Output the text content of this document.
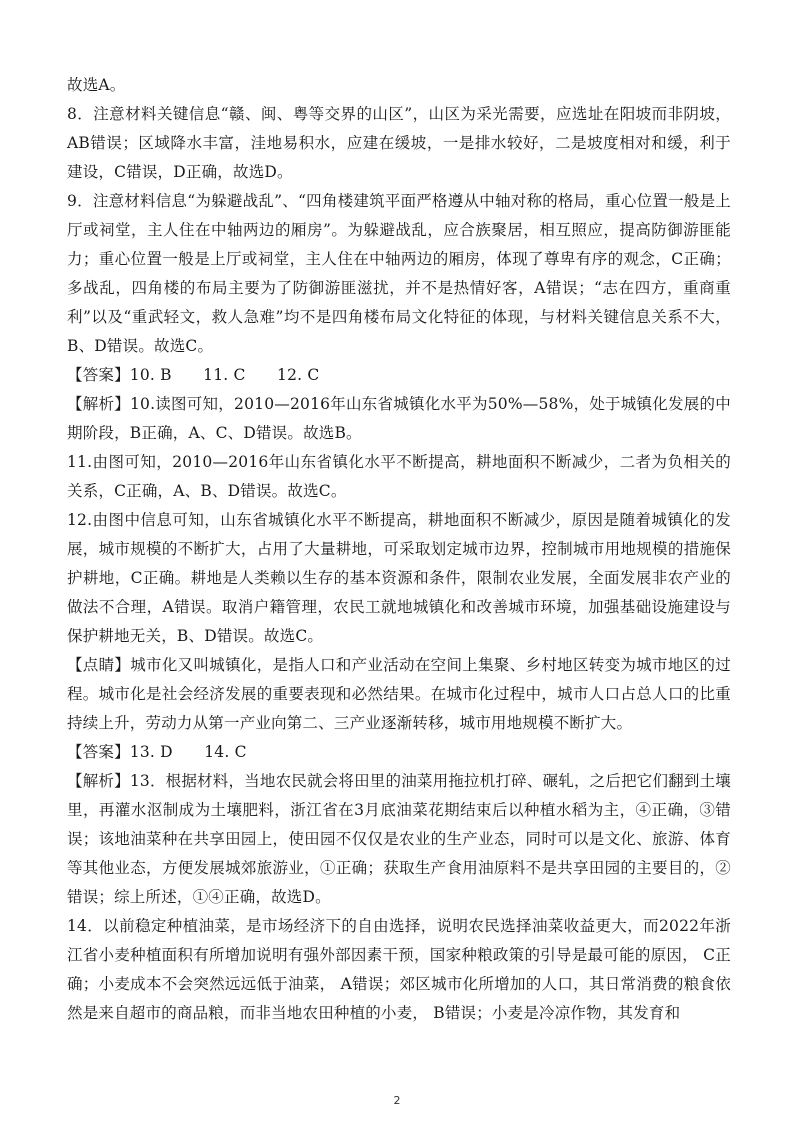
故选A。

8．注意材料关键信息“赣、闽、粤等交界的山区”，山区为采光需要，应选址在阳坡而非阴坡，AB错误；区域降水丰富，洼地易积水，应建在缓坡，一是排水较好，二是坡度相对和缓，利于建设，C错误，D正确，故选D。

9．注意材料信息“为躲避战乱”、“四角楼建筑平面严格遵从中轴对称的格局，重心位置一般是上厅或祠堂，主人住在中轴两边的厢房”。为躲避战乱，应合族聚居，相互照应，提高防御游匪能力；重心位置一般是上厅或祠堂，主人住在中轴两边的厢房，体现了尊卑有序的观念，C正确；多战乱，四角楼的布局主要为了防御游匪滋扰，并不是热情好客，A错误；“志在四方，重商重利”以及“重武轻文，救人急难”均不是四角楼布局文化特征的体现，与材料关键信息关系不大，B、D错误。故选C。

【答案】10. B　　11. C　　12. C

【解析】10.读图可知，2010—2016年山东省城镇化水平为50%—58%，处于城镇化发展的中期阶段，B正确，A、C、D错误。故选B。

11.由图可知，2010—2016年山东省镇化水平不断提高，耕地面积不断减少，二者为负相关的关系，C正确，A、B、D错误。故选C。

12.由图中信息可知，山东省城镇化水平不断提高，耕地面积不断减少，原因是随着城镇化的发展，城市规模的不断扩大，占用了大量耕地，可采取划定城市边界，控制城市用地规模的措施保护耕地，C正确。耕地是人类赖以生存的基本资源和条件，限制农业发展，全面发展非农产业的做法不合理，A错误。取消户籍管理，农民工就地城镇化和改善城市环境，加强基础设施建设与保护耕地无关，B、D错误。故选C。

【点睛】城市化又叫城镇化，是指人口和产业活动在空间上集聚、乡村地区转变为城市地区的过程。城市化是社会经济发展的重要表现和必然结果。在城市化过程中，城市人口占总人口的比重持续上升，劳动力从第一产业向第二、三产业逐渐转移，城市用地规模不断扩大。

【答案】13. D　　14. C

【解析】13．根据材料，当地农民就会将田里的油菜用拖拉机打碎、碾轧，之后把它们翻到土壤里，再灌水沤制成为土壤肥料，浙江省在3月底油菜花期结束后以种植水稻为主，④正确，③错误；该地油菜种在共享田园上，使田园不仅仅是农业的生产业态，同时可以是文化、旅游、体育等其他业态，方便发展城郊旅游业，①正确；获取生产食用油原料不是共享田园的主要目的，②错误；综上所述，①④正确，故选D。

14．以前稳定种植油菜，是市场经济下的自由选择，说明农民选择油菜收益更大，而2022年浙江省小麦种植面积有所增加说明有强外部因素干预，国家种粮政策的引导是最可能的原因， C正确；小麦成本不会突然远远低于油菜， A错误；郊区城市化所增加的人口，其日常消费的粮食依然是来自超市的商品粮，而非当地农田种植的小麦， B错误；小麦是冷凉作物，其发育和

2
